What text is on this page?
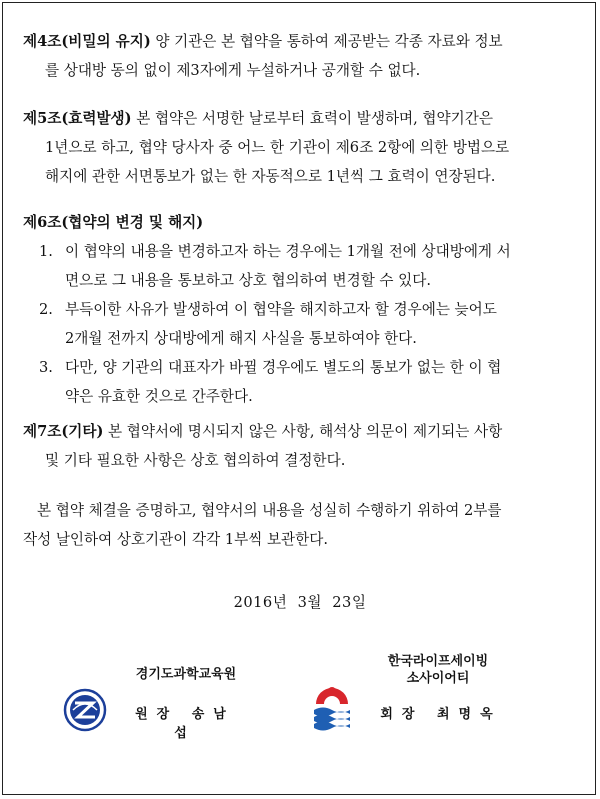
제4조(비밀의 유지) 양 기관은 본 협약을 통하여 제공받는 각종 자료와 정보
를 상대방 동의 없이 제3자에게 누설하거나 공개할 수 없다.
제5조(효력발생) 본 협약은 서명한 날로부터 효력이 발생하며, 협약기간은
1년으로 하고, 협약 당사자 중 어느 한 기관이 제6조 2항에 의한 방법으로
해지에 관한 서면통보가 없는 한 자동적으로 1년씩 그 효력이 연장된다.
제6조(협약의 변경 및 해지)
1. 이 협약의 내용을 변경하고자 하는 경우에는 1개월 전에 상대방에게 서
면으로 그 내용을 통보하고 상호 협의하여 변경할 수 있다.
2. 부득이한 사유가 발생하여 이 협약을 해지하고자 할 경우에는 늦어도
2개월 전까지 상대방에게 해지 사실을 통보하여야 한다.
3. 다만, 양 기관의 대표자가 바뀔 경우에도 별도의 통보가 없는 한 이 협
약은 유효한 것으로 간주한다.
제7조(기타) 본 협약서에 명시되지 않은 사항, 해석상 의문이 제기되는 사항
및 기타 필요한 사항은 상호 협의하여 결정한다.
본 협약 체결을 증명하고, 협약서의 내용을 성실히 수행하기 위하여 2부를
작성 날인하여 상호기관이 각각 1부씩 보관한다.
2016년  3월  23일
경기도과학교육원
원장 송남섭
한국라이프세이빙
소사이어티
회장 최명옥
